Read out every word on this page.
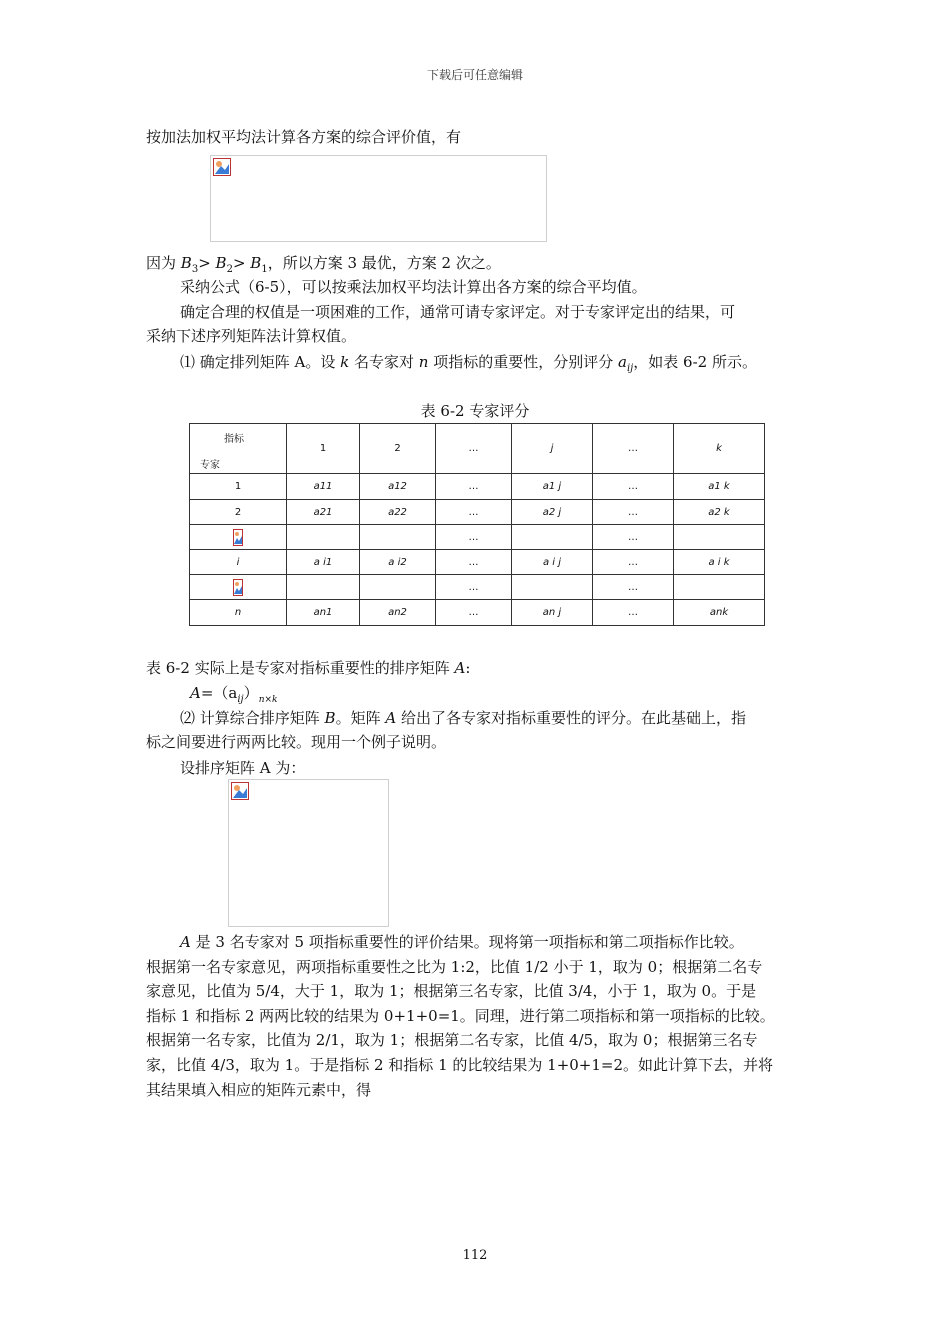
下载后可任意编辑
按加法加权平均法计算各方案的综合评价值，有
因为 $B_3> B_2> B_1$，所以方案 3 最优，方案 2 次之。
采纳公式（6-5），可以按乘法加权平均法计算出各方案的综合平均值。
确定合理的权值是一项困难的工作，通常可请专家评定。对于专家评定出的结果，可
采纳下述序列矩阵法计算权值。
⑴ 确定排列矩阵 A。设 k 名专家对 n 项指标的重要性，分别评分 $a_{ij}$，如表 6-2 所示。
表 6-2 专家评分
指标
专家	1	2	…	j	…	k
1	a11	a12	…	a1 j	…	a1 k
2	a21	a22	…	a2 j	…	a2 k
			…		…	
i	a i1	a i2	…	a i j	…	a i k
			…		…	
n	an1	an2	…	an j	…	ank
表 6-2 实际上是专家对指标重要性的排序矩阵 A:
$A=(a_{ij})_{n\times k}$
⑵ 计算综合排序矩阵 B。矩阵 A 给出了各专家对指标重要性的评分。在此基础上，指
标之间要进行两两比较。现用一个例子说明。
设排序矩阵 A 为：
A 是 3 名专家对 5 项指标重要性的评价结果。现将第一项指标和第二项指标作比较。
根据第一名专家意见，两项指标重要性之比为 1:2，比值 1/2 小于 1，取为 0；根据第二名专
家意见，比值为 5/4，大于 1，取为 1；根据第三名专家，比值 3/4，小于 1，取为 0。于是
指标 1 和指标 2 两两比较的结果为 0+1+0=1。同理，进行第二项指标和第一项指标的比较。
根据第一名专家，比值为 2/1，取为 1；根据第二名专家，比值 4/5，取为 0；根据第三名专
家，比值 4/3，取为 1。于是指标 2 和指标 1 的比较结果为 1+0+1=2。如此计算下去，并将
其结果填入相应的矩阵元素中，得
112
